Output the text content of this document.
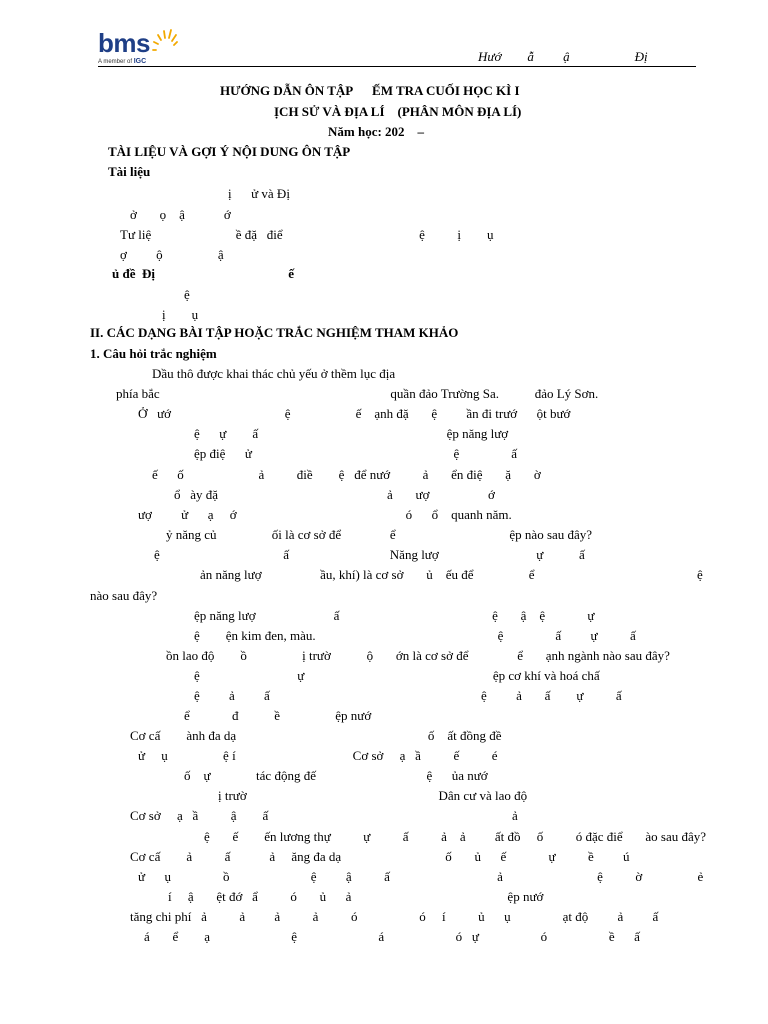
bms
A member of IGC	Hướ        ẫ         ậ                    Đị
HƯỚNG DẪN ÔN TẬP      ẾM TRA CUỐI HỌC KÌ I
ỊCH SỬ VÀ ĐỊA LÍ    (PHÂN MÔN ĐỊA LÍ)
Năm học: 202    –
TÀI LIỆU VÀ GỢI Ý NỘI DUNG ÔN TẬP
Tài liệu
ị      ử và Đị
ở       ọ    ậ            ớ
Tư liệ                          ề đặ   điể                                          ệ          ị        ụ
ợ         ộ                 ậ
ủ đề  Đị                                         ế
ệ
ị        ụ
II. CÁC DẠNG BÀI TẬP HOẶC TRẮC NGHIỆM THAM KHẢO
1. Câu hỏi trắc nghiệm
Dầu thô được khai thác chủ yếu ở thềm lục địa
phía bắc                                                                       quần đảo Trường Sa.           đảo Lý Sơn.
Ở   ướ                                   ệ                    ế    ạnh đặ       ệ         ần đi trướ      ột bướ
ệ      ự        ấ                                                          ệp năng lượ
ệp điệ      ử                                                              ệ                ấ
ế      ố                       ả          điề        ệ   để nướ          ả       ển điệ       ặ       ờ
ổ   ày đặ                                                    ả       ượ                  ớ
ượ         ử      ạ     ớ                                                    ó      ổ    quanh năm.
ỷ năng củ                 ối là cơ sở để               ể                                   ệp nào sau đây?
ệ                                      ấ                               Năng lượ                              ự           ấ
ản năng lượ                  ầu, khí) là cơ sở       ủ    ếu để                 ể                                                  ệ
nào sau đây?
ệp năng lượ                        ấ                                               ệ       ậ    ệ             ự
ệ        ện kim đen, màu.                                                        ệ                ấ         ự          ấ
ồn lao độ        ồ                 ị trườ           ộ       ớn là cơ sở để               ể       ạnh ngành nào sau đây?
ệ                              ự                                                          ệp cơ khí và hoá chấ
ệ         ả         ấ                                                                 ệ         ả       ấ        ự          ấ
ể             đ           ề                 ệp nướ
Cơ cấ        ành đa dạ                                                           ố    ất đồng đề
ử     ụ                 ệ í                                    Cơ sở     ạ   ầ          ế          é
ố    ự              tác động đế                                  ệ      ủa nướ
ị trườ                                                           Dân cư và lao độ
Cơ sở     ạ   ầ          ậ        ấ                                                                           ả
ệ       ế        ến lương thự          ự          ấ          ả    ả         ất đồ     ố          ó đặc điể       ào sau đây?
Cơ cấ        ả          ấ            ả     ăng đa dạ                                ố       ủ      ế             ự          ề         ú
ử      ụ                ồ                         ệ         ậ          ấ                                 ả                             ệ          ờ                 ẻ
í     ậ       ệt đớ   ẩ          ó       ủ      ả                                                ệp nướ
tăng chi phí   ả          ả         ả          ả          ó                   ó     í          ủ      ụ                ạt độ         ả         ấ
á       ể        ạ                         ệ                         á                      ó   ự                   ó                   ề      ấ
